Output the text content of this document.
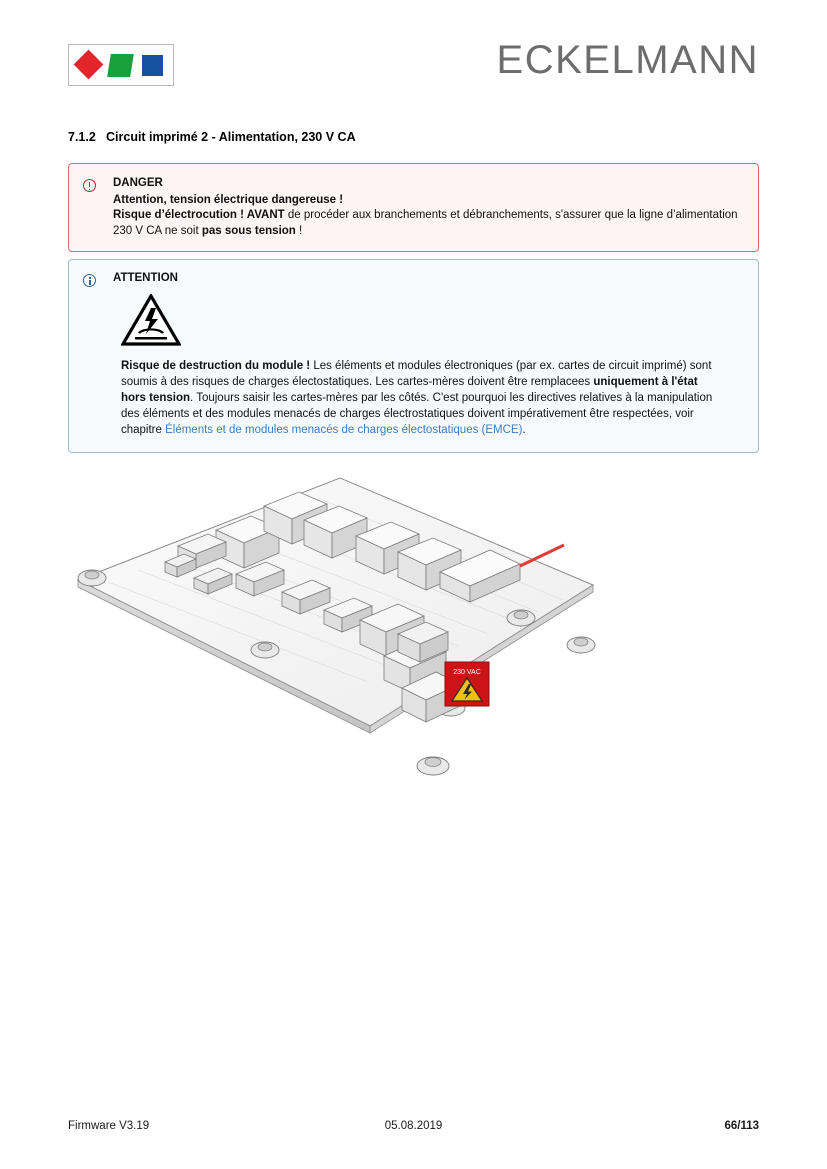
ECKELMANN
7.1.2 Circuit imprimé 2 - Alimentation, 230 V CA
DANGER
Attention, tension électrique dangereuse !
Risque d’électrocution ! AVANT de procéder aux branchements et débranchements, s'assurer que la ligne d’alimentation 230 V CA ne soit pas sous tension !
ATTENTION
Risque de destruction du module ! Les éléments et modules électroniques (par ex. cartes de circuit imprimé) sont soumis à des risques de charges électostatiques. Les cartes-mères doivent être remplacees uniquement à l'état hors tension. Toujours saisir les cartes-mères par les côtés. C'est pourquoi les directives relatives à la manipulation des éléments et des modules menacés de charges électrostatiques doivent impérativement être respectées, voir chapitre Éléments et de modules menacés de charges électostatiques (EMCE).
230 VAC
Firmware V3.19	05.08.2019	66/113
